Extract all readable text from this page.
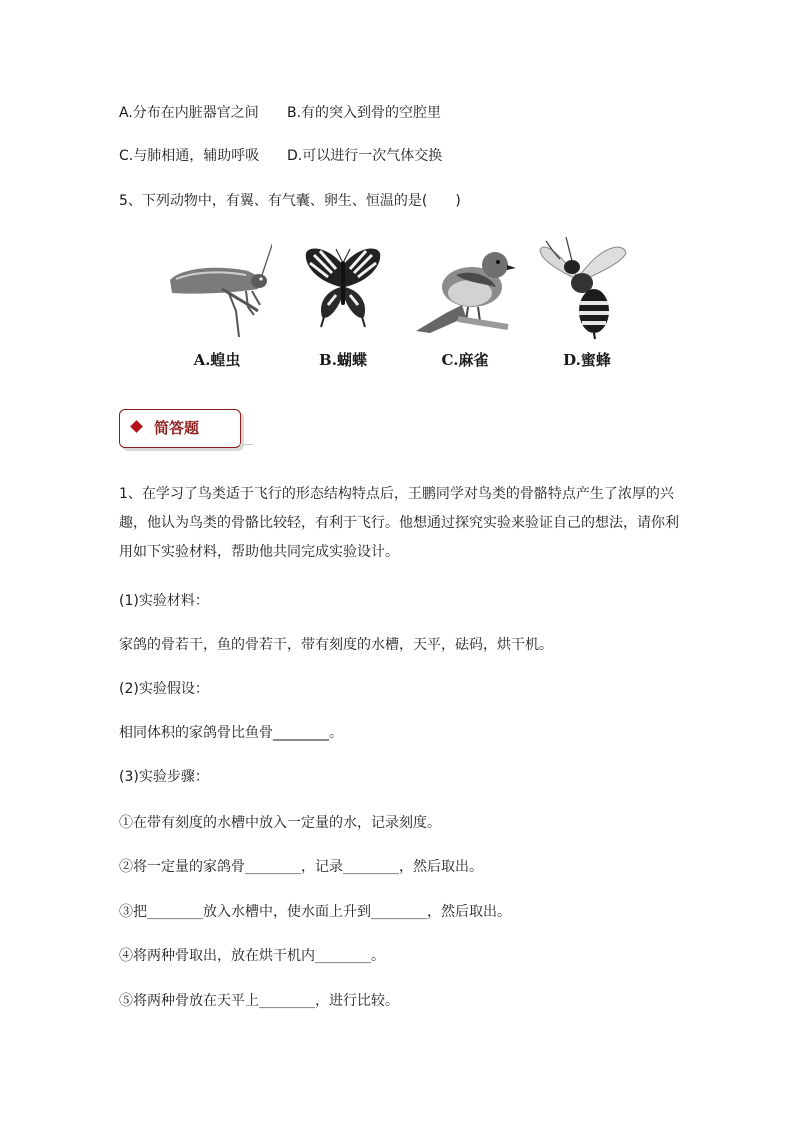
A.分布在内脏器官之间 B.有的突入到骨的空腔里
C.与肺相通，辅助呼吸 D.可以进行一次气体交换
5、下列动物中，有翼、有气囊、卵生、恒温的是(　　)
A.蝗虫	B.蝴蝶	C.麻雀	D.蜜蜂
简答题
1、在学习了鸟类适于飞行的形态结构特点后，王鹏同学对鸟类的骨骼特点产生了浓厚的兴趣，他认为鸟类的骨骼比较轻，有利于飞行。他想通过探究实验来验证自己的想法，请你利用如下实验材料，帮助他共同完成实验设计。
(1)实验材料：
家鸽的骨若干，鱼的骨若干，带有刻度的水槽，天平，砝码，烘干机。
(2)实验假设：
相同体积的家鸽骨比鱼骨________。
(3)实验步骤：
①在带有刻度的水槽中放入一定量的水，记录刻度。
②将一定量的家鸽骨________，记录________，然后取出。
③把________放入水槽中，使水面上升到________，然后取出。
④将两种骨取出，放在烘干机内________。
⑤将两种骨放在天平上________，进行比较。
